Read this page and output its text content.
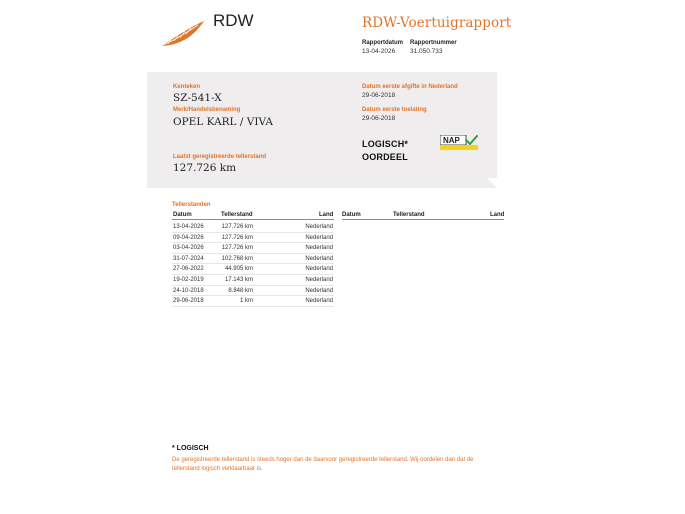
RDW	RDW-Voertuigrapport
Rapportdatum
13-04-2026
Rapportnummer
31.050.733
Kenteken
SZ-541-X
Merk/Handelsbenaming
OPEL KARL / VIVA
Laatst geregistreerde tellerstand
127.726 km
Datum eerste afgifte in Nederland
29-06-2018
Datum eerste toelating
29-06-2018
LOGISCH*
OORDEEL
NAP
Tellerstanden
Datum	Tellerstand	Land Datum	Tellerstand	Land
13-04-2026	127.726 km	Nederland
09-04-2026	127.726 km	Nederland
03-04-2026	127.726 km	Nederland
31-07-2024	102.768 km	Nederland
27-06-2022	44.905 km	Nederland
19-02-2019	17.143 km	Nederland
24-10-2018	8.848 km	Nederland
29-06-2018	1 km	Nederland
* LOGISCH
De geregistreerde tellerstand is steeds hoger dan de daarvoor geregistreerde tellerstand. Wij oordelen dan dat de tellerstand logisch verklaarbaar is.
